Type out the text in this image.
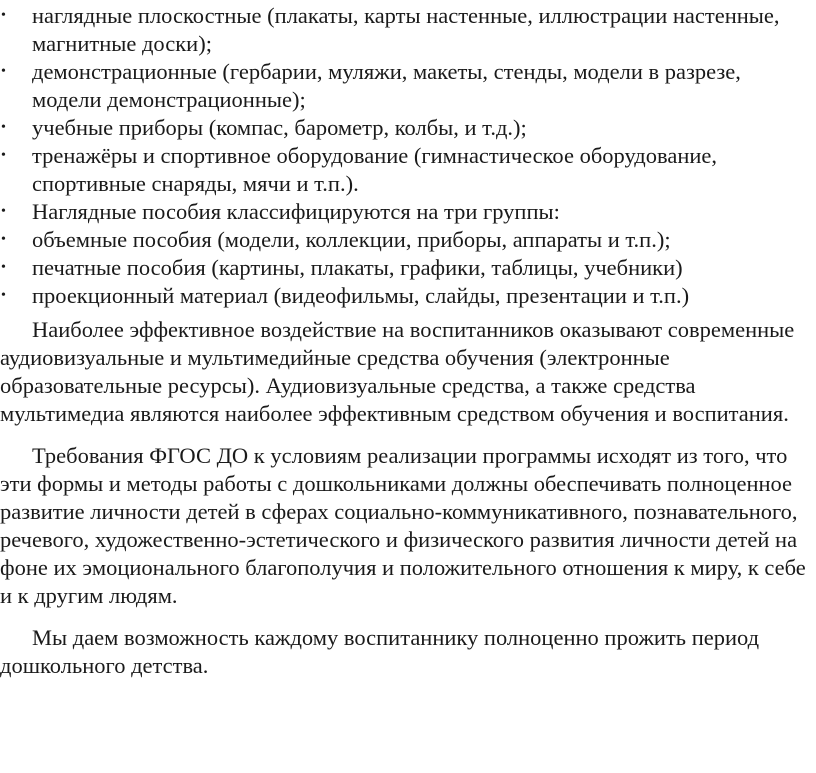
• наглядные плоскостные (плакаты, карты настенные, иллюстрации настенные, магнитные доски);
• демонстрационные (гербарии, муляжи, макеты, стенды, модели в разрезе, модели демонстрационные);
• учебные приборы (компас, барометр, колбы, и т.д.);
• тренажёры и спортивное оборудование (гимнастическое оборудование, спортивные снаряды, мячи и т.п.).
• Наглядные пособия классифицируются на три группы:
• объемные пособия (модели, коллекции, приборы, аппараты и т.п.);
• печатные пособия (картины, плакаты, графики, таблицы, учебники)
• проекционный материал (видеофильмы, слайды, презентации и т.п.)

Наиболее эффективное воздействие на воспитанников оказывают современные аудиовизуальные и мультимедийные средства обучения (электронные образовательные ресурсы). Аудиовизуальные средства, а также средства мультимедиа являются наиболее эффективным средством обучения и воспитания.

Требования ФГОС ДО к условиям реализации программы исходят из того, что эти формы и методы работы с дошкольниками должны обеспечивать полноценное развитие личности детей в сферах социально-коммуникативного, познавательного, речевого, художественно-эстетического и физического развития личности детей на фоне их эмоционального благополучия и положительного отношения к миру, к себе и к другим людям.

Мы даем возможность каждому воспитаннику полноценно прожить период дошкольного детства.
